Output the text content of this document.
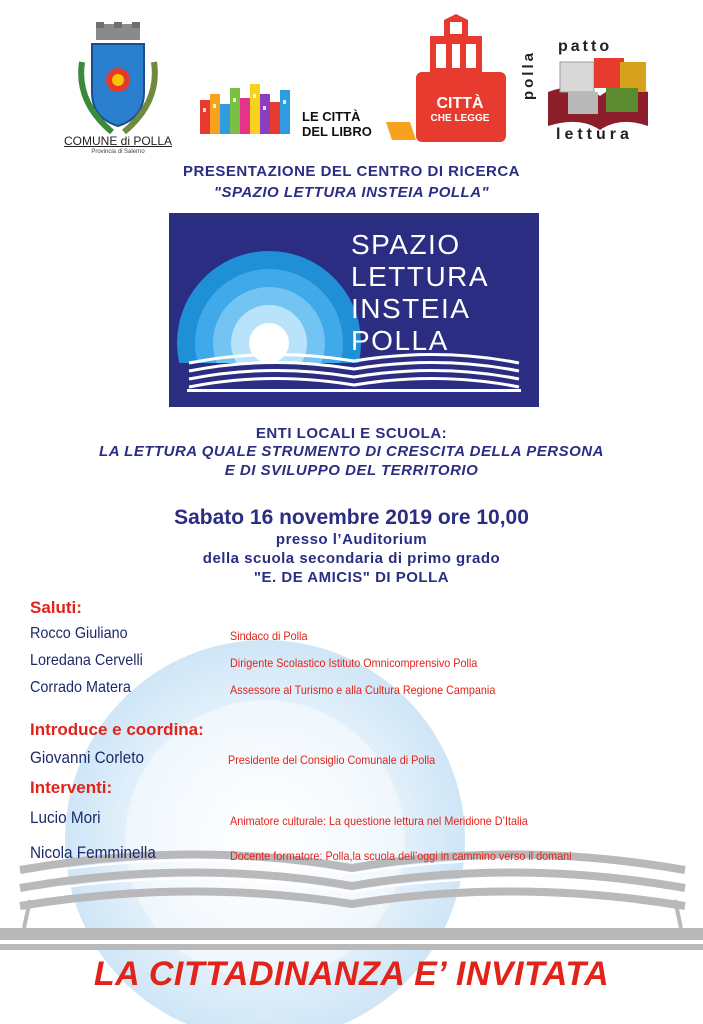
COMUNE di POLLA
Provincia di Salerno
LE CITTÀ
DEL LIBRO
CITTÀ
CHE LEGGE
patto
polla
lettura
PRESENTAZIONE DEL CENTRO DI RICERCA
"SPAZIO LETTURA INSTEIA POLLA"
SPAZIO
LETTURA
INSTEIA
POLLA
ENTI LOCALI E SCUOLA:
LA LETTURA QUALE STRUMENTO DI CRESCITA DELLA PERSONA
E DI SVILUPPO DEL TERRITORIO
Sabato 16 novembre 2019 ore 10,00
presso l’Auditorium
della scuola secondaria di primo grado
"E. DE AMICIS" DI POLLA
Saluti:
Rocco Giuliano	Sindaco di Polla
Loredana Cervelli	Dirigente Scolastico Istituto Omnicomprensivo Polla
Corrado Matera	Assessore al Turismo e alla Cultura Regione Campania
Introduce e coordina:
Giovanni Corleto	Presidente del Consiglio Comunale di Polla
Interventi:
Lucio Mori	Animatore culturale: La questione lettura nel Meridione D’Italia
Nicola Femminella	Docente formatore: Polla,la scuola dell’oggi in cammino verso il domani
LA CITTADINANZA E’ INVITATA
